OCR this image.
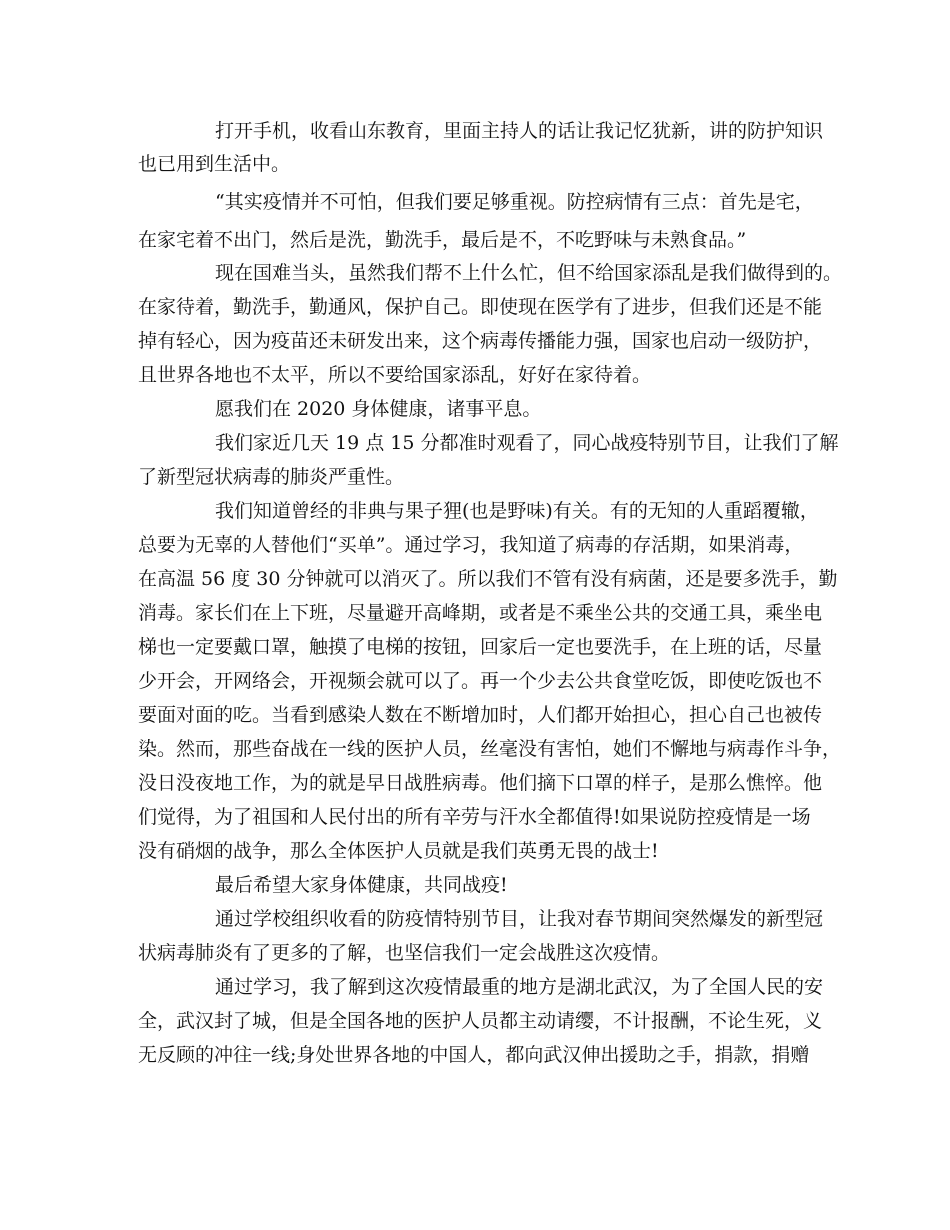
打开手机，收看山东教育，里面主持人的话让我记忆犹新，讲的防护知识
也已用到生活中。
“其实疫情并不可怕，但我们要足够重视。防控病情有三点：首先是宅，
在家宅着不出门，然后是洗，勤洗手，最后是不，不吃野味与未熟食品。”
现在国难当头，虽然我们帮不上什么忙，但不给国家添乱是我们做得到的。
在家待着，勤洗手，勤通风，保护自己。即使现在医学有了进步，但我们还是不能
掉有轻心，因为疫苗还未研发出来，这个病毒传播能力强，国家也启动一级防护，
且世界各地也不太平，所以不要给国家添乱，好好在家待着。
愿我们在 2020 身体健康，诸事平息。
我们家近几天 19 点 15 分都准时观看了，同心战疫特别节目，让我们了解
了新型冠状病毒的肺炎严重性。
我们知道曾经的非典与果子狸(也是野味)有关。有的无知的人重蹈覆辙，
总要为无辜的人替他们“买单”。通过学习，我知道了病毒的存活期，如果消毒，
在高温 56 度 30 分钟就可以消灭了。所以我们不管有没有病菌，还是要多洗手，勤
消毒。家长们在上下班，尽量避开高峰期，或者是不乘坐公共的交通工具，乘坐电
梯也一定要戴口罩，触摸了电梯的按钮，回家后一定也要洗手，在上班的话，尽量
少开会，开网络会，开视频会就可以了。再一个少去公共食堂吃饭，即使吃饭也不
要面对面的吃。当看到感染人数在不断增加时，人们都开始担心，担心自己也被传
染。然而，那些奋战在一线的医护人员，丝毫没有害怕，她们不懈地与病毒作斗争，
没日没夜地工作，为的就是早日战胜病毒。他们摘下口罩的样子，是那么憔悴。他
们觉得，为了祖国和人民付出的所有辛劳与汗水全都值得!如果说防控疫情是一场
没有硝烟的战争，那么全体医护人员就是我们英勇无畏的战士!
最后希望大家身体健康，共同战疫!
通过学校组织收看的防疫情特别节目，让我对春节期间突然爆发的新型冠
状病毒肺炎有了更多的了解，也坚信我们一定会战胜这次疫情。
通过学习，我了解到这次疫情最重的地方是湖北武汉，为了全国人民的安
全，武汉封了城，但是全国各地的医护人员都主动请缨，不计报酬，不论生死，义
无反顾的冲往一线;身处世界各地的中国人，都向武汉伸出援助之手，捐款，捐赠
